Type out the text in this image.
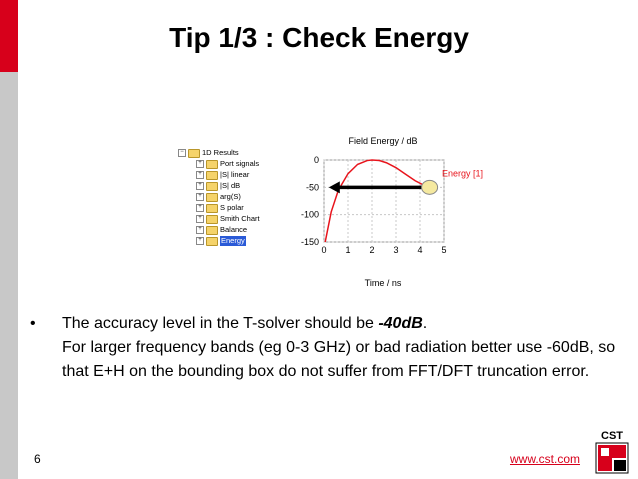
Tip 1/3 : Check Energy
−	1D Results
+	Port signals
+	|S| linear
+	|S| dB
+	arg(S)
+	S polar
+	Smith Chart
+	Balance
+	Energy
Field Energy / dB
0 1 2 3 4 5
0
-50
-100
-150
Energy [1]
Time / ns
• The accuracy level in the T-solver should be -40dB.
For larger frequency bands (eg 0-3 GHz) or bad radiation better use -60dB, so that E+H on the bounding box do not suffer from FFT/DFT truncation error.
6	www.cst.com
CST
